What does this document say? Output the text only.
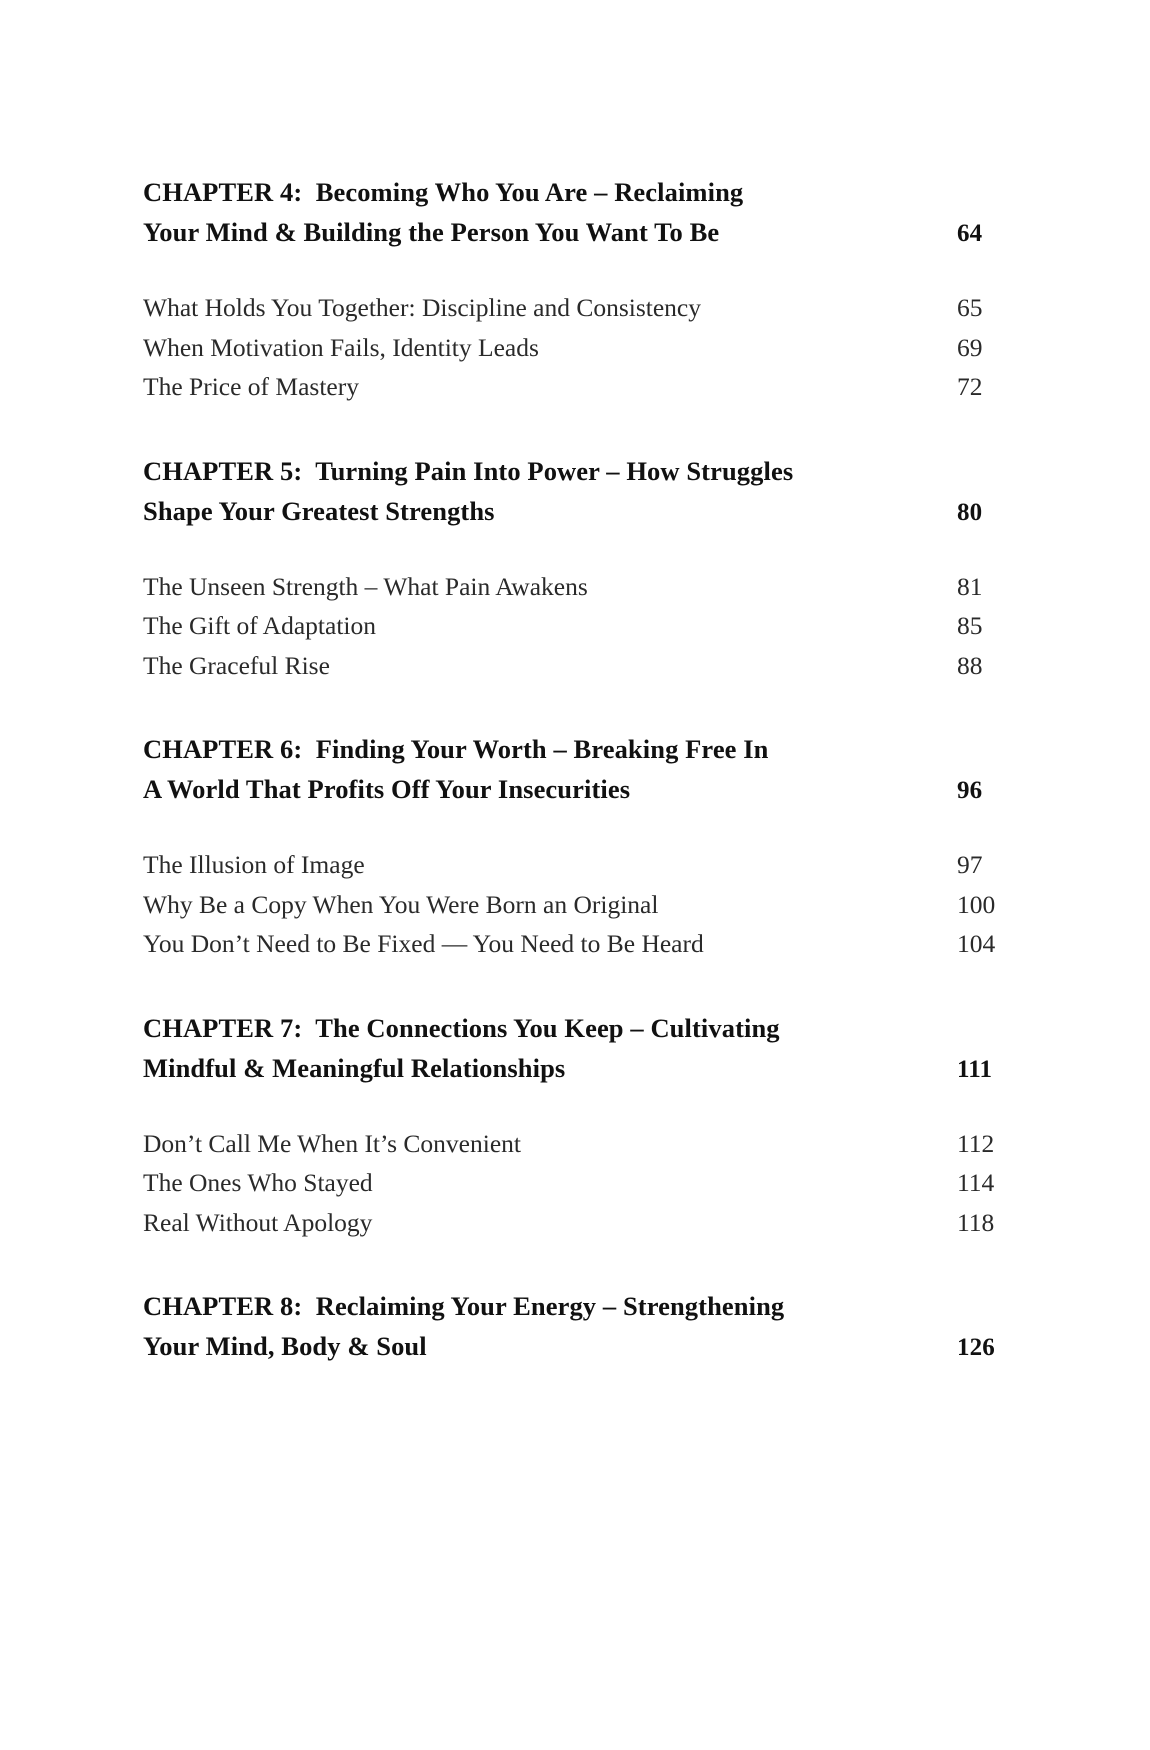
CHAPTER 4:  Becoming Who You Are – Reclaiming
Your Mind & Building the Person You Want To Be	64
What Holds You Together: Discipline and Consistency	65
When Motivation Fails, Identity Leads	69
The Price of Mastery	72
CHAPTER 5:  Turning Pain Into Power – How Struggles
Shape Your Greatest Strengths	80
The Unseen Strength – What Pain Awakens	81
The Gift of Adaptation	85
The Graceful Rise	88
CHAPTER 6:  Finding Your Worth – Breaking Free In
A World That Profits Off Your Insecurities	96
The Illusion of Image	97
Why Be a Copy When You Were Born an Original	100
You Don’t Need to Be Fixed — You Need to Be Heard	104
CHAPTER 7:  The Connections You Keep – Cultivating
Mindful & Meaningful Relationships	111
Don’t Call Me When It’s Convenient	112
The Ones Who Stayed	114
Real Without Apology	118
CHAPTER 8:  Reclaiming Your Energy – Strengthening
Your Mind, Body & Soul	126
